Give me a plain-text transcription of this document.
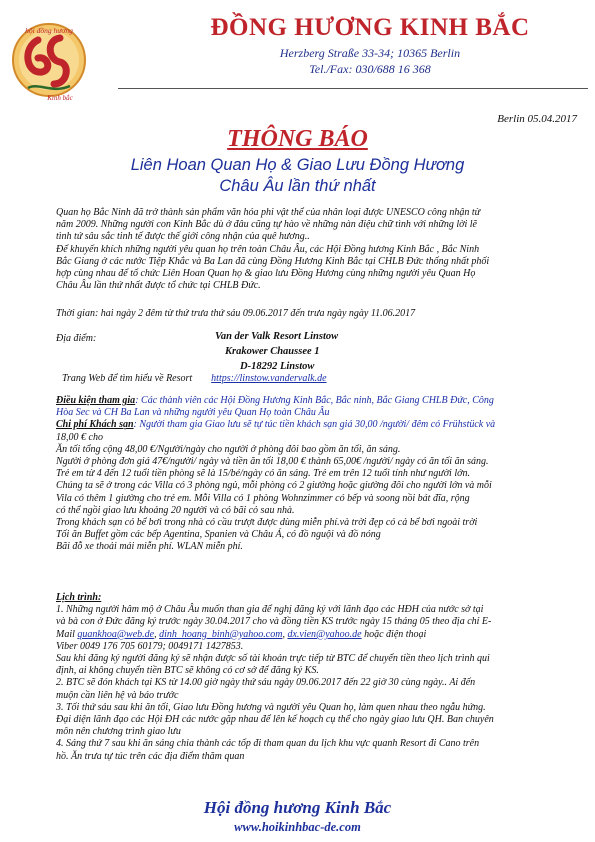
hội đồng hương
Kinh bắc
ĐỒNG HƯƠNG KINH BẮC
Herzberg Straße 33-34; 10365 Berlin
Tel./Fax: 030/688 16 368
Berlin 05.04.2017
THÔNG BÁO
Liên Hoan Quan Họ & Giao Lưu Đồng Hương
Châu Âu lần thứ nhất
Quan họ Bắc Ninh đã trở thành sản phẩm văn hóa phi vật thể của nhân loại được UNESCO công nhận từ
năm 2009. Những người con Kinh Bắc dù ở đâu cũng tự hào về những nàn điệu chữ tình với những lời lẽ
tình tứ sâu sắc tinh tế được thế giới công nhận của quê hương..
Để khuyến khích những người yêu quan họ trên toàn Châu Âu, các Hội Đồng hương Kinh Bắc , Bắc Ninh
Bắc Giang ở các nước Tiệp Khắc và Ba Lan đã cùng Đồng Hương Kinh Bắc tại CHLB Đức thống nhất phối
hợp cùng nhau để tổ chức Liên Hoan Quan họ & giao lưu Đồng Hương cùng những người yêu Quan Họ
Châu Âu lần thứ nhất được tổ chức tại CHLB Đức.
Thời gian: hai ngày 2 đêm từ thứ trưa thứ sáu 09.06.2017 đến trưa ngày ngày 11.06.2017
Địa điểm:	Van der Valk Resort Linstow
Krakower Chaussee 1
D-18292 Linstow
Trang Web để tìm hiểu về Resort https://linstow.vandervalk.de
Điều kiện tham gia: Các thành viên các Hội Đồng Hương Kinh Bắc, Bắc ninh, Bắc Giang CHLB Đức, Công
Hòa Sec và CH Ba Lan và những người yêu Quan Họ toàn Châu Âu
Chi phí Khách sạn: Người tham gia Giao lưu sẽ tự túc tiền khách sạn giá 30,00 /người/ đêm có Frühstück và
18,00 € cho
Ăn tối tổng cộng 48,00 €/Người/ngày cho người ở phòng đôi bao gồm ăn tối, ăn sáng.
Người ở phòng đơn giá 47€/người/ ngày và tiền ăn tối 18,00 € thành 65,00€ /người/ ngày có ăn tối ăn sáng.
Trẻ em từ 4 đến 12 tuổi tiền phòng sẽ là 15/bé/ngày có ăn sáng. Trẻ em trên 12 tuổi tính như người lớn.
Chúng ta sẽ ở trong các Villa có 3 phòng ngủ, mỗi phòng có 2 giường hoặc giường đôi cho người lớn và mỗi
Vila có thêm 1 giường cho trẻ em. Mỗi Villa có 1 phòng Wohnzimmer có bếp và soong nồi bát đĩa, rộng
có thể ngồi giao lưu khoảng 20 người và có bãi cỏ sau nhà.
Trong khách sạn có bể bơi trong nhà có cầu trượt được dùng miễn phí.và trời đẹp có cả bể bơi ngoài trời
Tối ăn Buffet gồm các bếp Agentina, Spanien và Châu Á, có đồ nguội và đồ nóng
Bãi đỗ xe thoải mái miễn phí. WLAN miễn phí.
Lịch trình:
1. Những người hâm mộ ở Châu Âu muốn than gia để nghị đăng ký với lãnh đạo các HĐH của nước sở tại
và bà con ở Đức đăng ký trước ngày 30.04.2017 cho và đồng tiền KS trước ngày 15 tháng 05 theo địa chỉ E-
Mail quankhoa@web.de, dinh_hoang_binh@yahoo.com, dx.vien@yahoo.de hoặc điện thoại
Viber 0049 176 705 60179; 0049171 1427853.
Sau khi đăng ký người đăng ký sẽ nhận được số tài khoản trực tiếp từ BTC để chuyển tiền theo lịch trình qui
định, ai không chuyển tiền BTC sẽ không có cơ sở để đăng ký KS.
2. BTC sẽ đón khách tại KS từ 14.00 giờ ngày thứ sáu ngày 09.06.2017 đến 22 giờ 30 cùng ngày.. Ai đến
muộn cần liên hệ và báo trước
3. Tối thứ sáu sau khi ăn tối, Giao lưu Đồng hương và người yêu Quan họ, làm quen nhau theo ngẫu hứng.
Đại diện lãnh đạo các Hội ĐH các nước gặp nhau để lên kế hoạch cụ thể cho ngày giao lưu QH. Ban chuyên
môn nên chương trình giao lưu
4. Sáng thứ 7 sau khi ăn sáng chia thành các tốp đi tham quan du lịch khu vực quanh Resort đi Cano trên
hồ. Ăn trưa tự túc trên các địa điểm thăm quan
Hội đồng hương Kinh Bắc
www.hoikinhbac-de.com
